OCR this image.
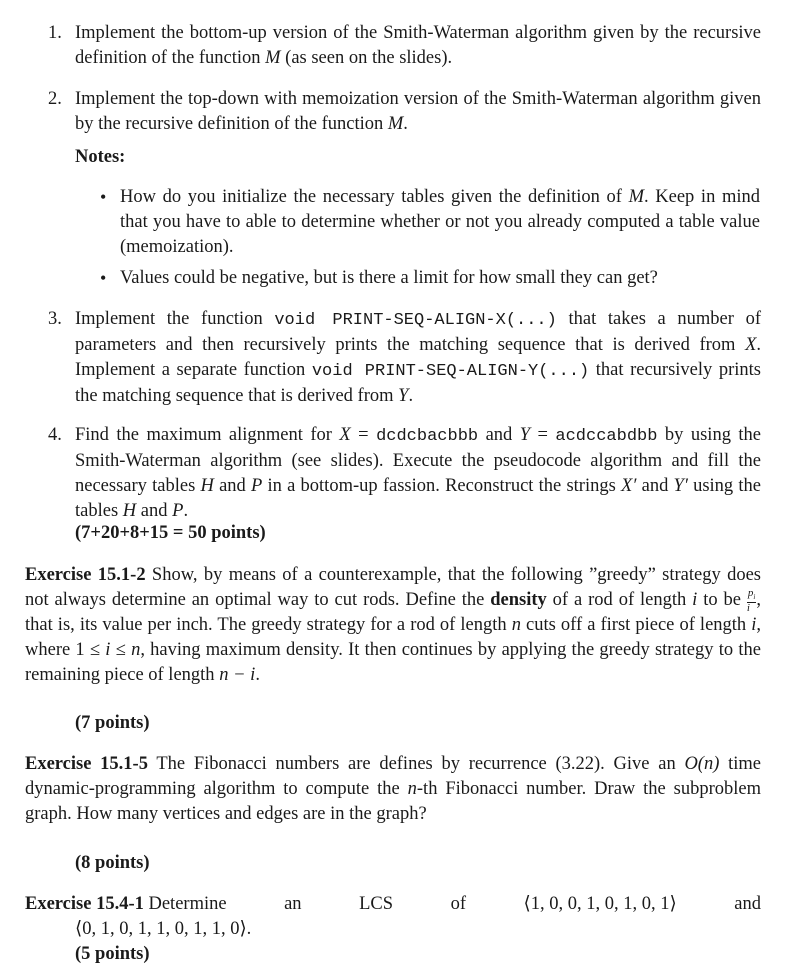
1. Implement the bottom-up version of the Smith-Waterman algorithm given by the recursive definition of the function M (as seen on the slides).
2. Implement the top-down with memoization version of the Smith-Waterman algorithm given by the recursive definition of the function M.
Notes:
• How do you initialize the necessary tables given the definition of M. Keep in mind that you have to able to determine whether or not you already computed a table value (memoization).
• Values could be negative, but is there a limit for how small they can get?
3. Implement the function void PRINT-SEQ-ALIGN-X(...) that takes a number of parameters and then recursively prints the matching sequence that is derived from X. Implement a separate function void PRINT-SEQ-ALIGN-Y(...) that recursively prints the matching sequence that is derived from Y.
4. Find the maximum alignment for X = dcdcbacbbb and Y = acdccabdbb by using the Smith-Waterman algorithm (see slides). Execute the pseudocode algorithm and fill the necessary tables H and P in a bottom-up fassion. Reconstruct the strings X′ and Y′ using the tables H and P.
(7+20+8+15 = 50 points)
Exercise 15.1-2 Show, by means of a counterexample, that the following ”greedy” strategy does not always determine an optimal way to cut rods. Define the density of a rod of length i to be $\frac{p_i}{i}$ , that is, its value per inch. The greedy strategy for a rod of length n cuts off a first piece of length i, where 1 ≤ i ≤ n, having maximum density. It then continues by applying the greedy strategy to the remaining piece of length n − i.
(7 points)
Exercise 15.1-5 The Fibonacci numbers are defines by recurrence (3.22). Give an O(n) time dynamic-programming algorithm to compute the n-th Fibonacci number. Draw the subproblem graph. How many vertices and edges are in the graph?
(8 points)
Exercise 15.4-1 Determine	an	LCS	of	⟨1, 0, 0, 1, 0, 1, 0, 1⟩	and
⟨0, 1, 0, 1, 1, 0, 1, 1, 0⟩.
(5 points)
